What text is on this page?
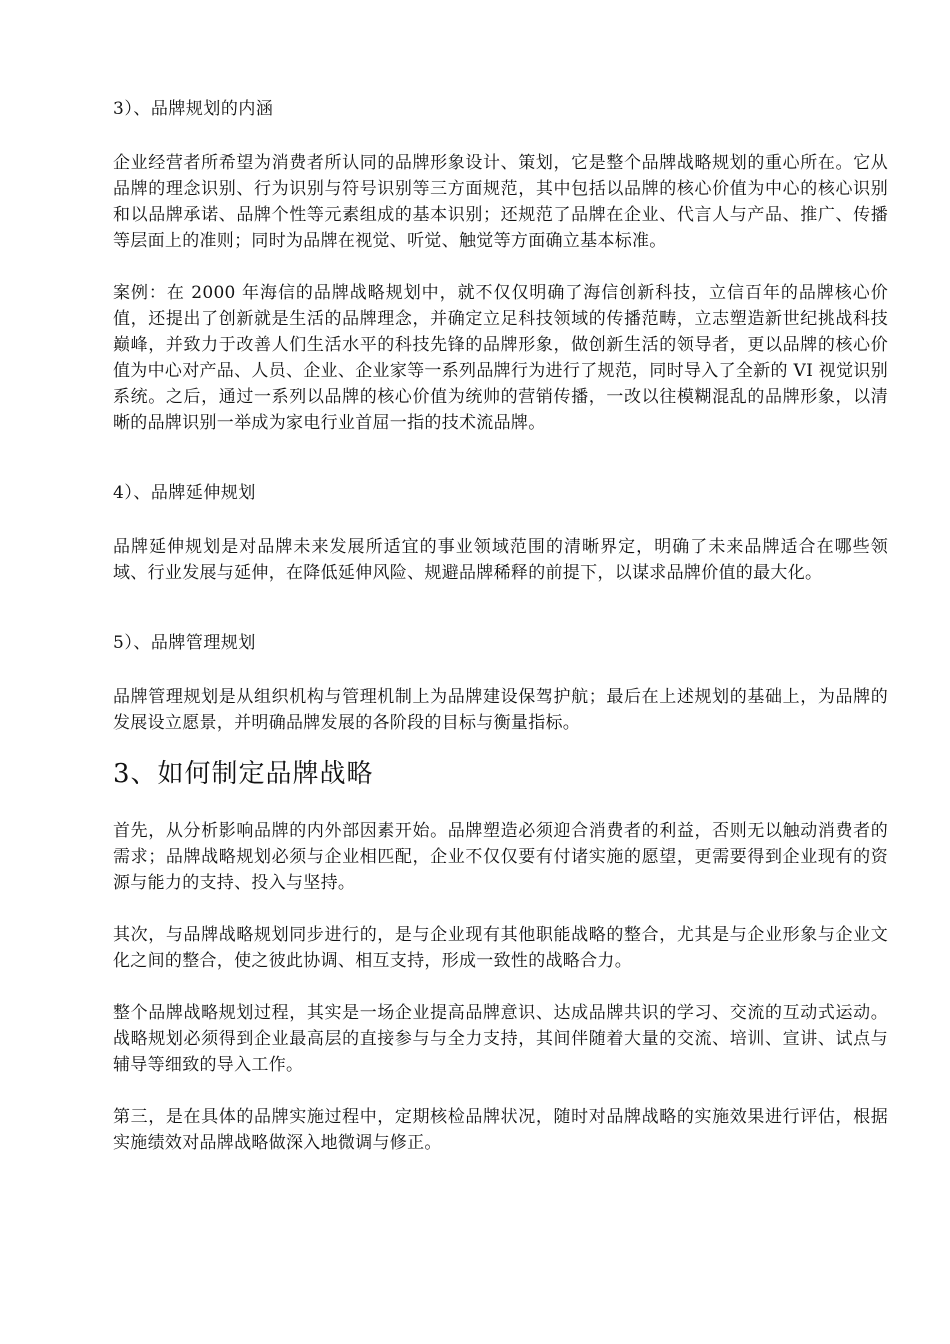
3）、品牌规划的内涵

企业经营者所希望为消费者所认同的品牌形象设计、策划，它是整个品牌战略规划的重心所在。它从品牌的理念识别、行为识别与符号识别等三方面规范，其中包括以品牌的核心价值为中心的核心识别和以品牌承诺、品牌个性等元素组成的基本识别；还规范了品牌在企业、代言人与产品、推广、传播等层面上的准则；同时为品牌在视觉、听觉、触觉等方面确立基本标准。

案例：在 2000 年海信的品牌战略规划中，就不仅仅明确了海信创新科技，立信百年的品牌核心价值，还提出了创新就是生活的品牌理念，并确定立足科技领域的传播范畴，立志塑造新世纪挑战科技巅峰，并致力于改善人们生活水平的科技先锋的品牌形象，做创新生活的领导者，更以品牌的核心价值为中心对产品、人员、企业、企业家等一系列品牌行为进行了规范，同时导入了全新的 VI 视觉识别系统。之后，通过一系列以品牌的核心价值为统帅的营销传播，一改以往模糊混乱的品牌形象，以清晰的品牌识别一举成为家电行业首屈一指的技术流品牌。

4）、品牌延伸规划

品牌延伸规划是对品牌未来发展所适宜的事业领域范围的清晰界定，明确了未来品牌适合在哪些领域、行业发展与延伸，在降低延伸风险、规避品牌稀释的前提下，以谋求品牌价值的最大化。

5）、品牌管理规划

品牌管理规划是从组织机构与管理机制上为品牌建设保驾护航；最后在上述规划的基础上，为品牌的发展设立愿景，并明确品牌发展的各阶段的目标与衡量指标。

3、如何制定品牌战略

首先，从分析影响品牌的内外部因素开始。品牌塑造必须迎合消费者的利益，否则无以触动消费者的需求；品牌战略规划必须与企业相匹配，企业不仅仅要有付诸实施的愿望，更需要得到企业现有的资源与能力的支持、投入与坚持。

其次，与品牌战略规划同步进行的，是与企业现有其他职能战略的整合，尤其是与企业形象与企业文化之间的整合，使之彼此协调、相互支持，形成一致性的战略合力。

整个品牌战略规划过程，其实是一场企业提高品牌意识、达成品牌共识的学习、交流的互动式运动。战略规划必须得到企业最高层的直接参与与全力支持，其间伴随着大量的交流、培训、宣讲、试点与辅导等细致的导入工作。

第三，是在具体的品牌实施过程中，定期核检品牌状况，随时对品牌战略的实施效果进行评估，根据实施绩效对品牌战略做深入地微调与修正。
